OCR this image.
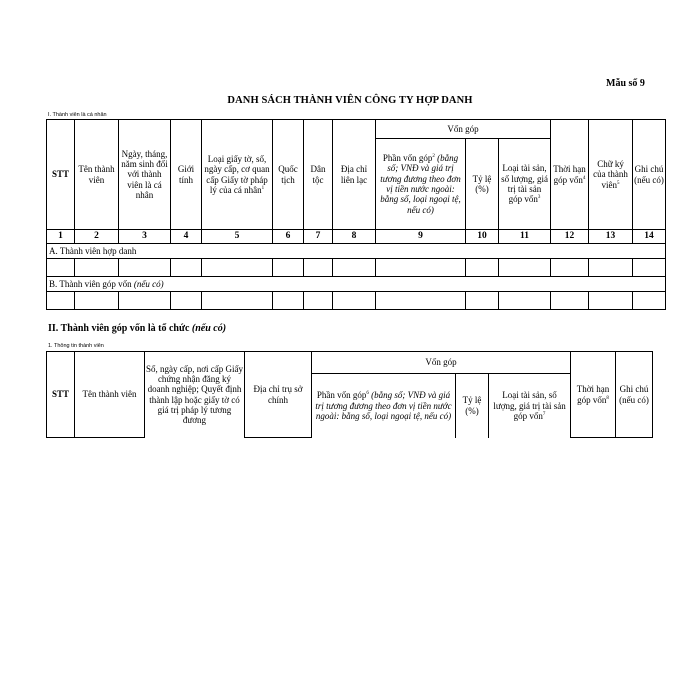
Mẫu số 9
DANH SÁCH THÀNH VIÊN CÔNG TY HỢP DANH
I. Thành viên là cá nhân
STT	Tên thành viên	Ngày, tháng, năm sinh đối với thành viên là cá nhân	Giới tính	Loại giấy tờ, số, ngày cấp, cơ quan cấp Giấy tờ pháp lý của cá nhân$^1$	Quốc tịch	Dân tộc	Địa chỉ liên lạc	Vốn góp			Thời hạn góp vốn$^4$	Chữ ký của thành viên$^5$	Ghi chú (nếu có)
								Phần vốn góp$^2$ (bằng số; VNĐ và giá trị tương đương theo đơn vị tiền nước ngoài: bằng số, loại ngoại tệ, nếu có)	Tỷ lệ (%)	Loại tài sản, số lượng, giá trị tài sản góp vốn$^3$
1	2	3	4	5	6	7	8	9	10	11	12	13	14
A. Thành viên hợp danh													

B. Thành viên góp vốn (nếu có)													

II. Thành viên góp vốn là tổ chức (nếu có)
1. Thông tin thành viên
STT	Tên thành viên	Số, ngày cấp, nơi cấp Giấy chứng nhận đăng ký doanh nghiệp; Quyết định thành lập hoặc giấy tờ có giá trị pháp lý tương đương	Địa chỉ trụ sở chính	Vốn góp			Thời hạn góp vốn$^8$	Ghi chú (nếu có)
				Phần vốn góp$^6$ (bằng số; VNĐ và giá trị tương đương theo đơn vị tiền nước ngoài: bằng số, loại ngoại tệ, nếu có)	Tỷ lệ (%)	Loại tài sản, số lượng, giá trị tài sản góp vốn$^7$
